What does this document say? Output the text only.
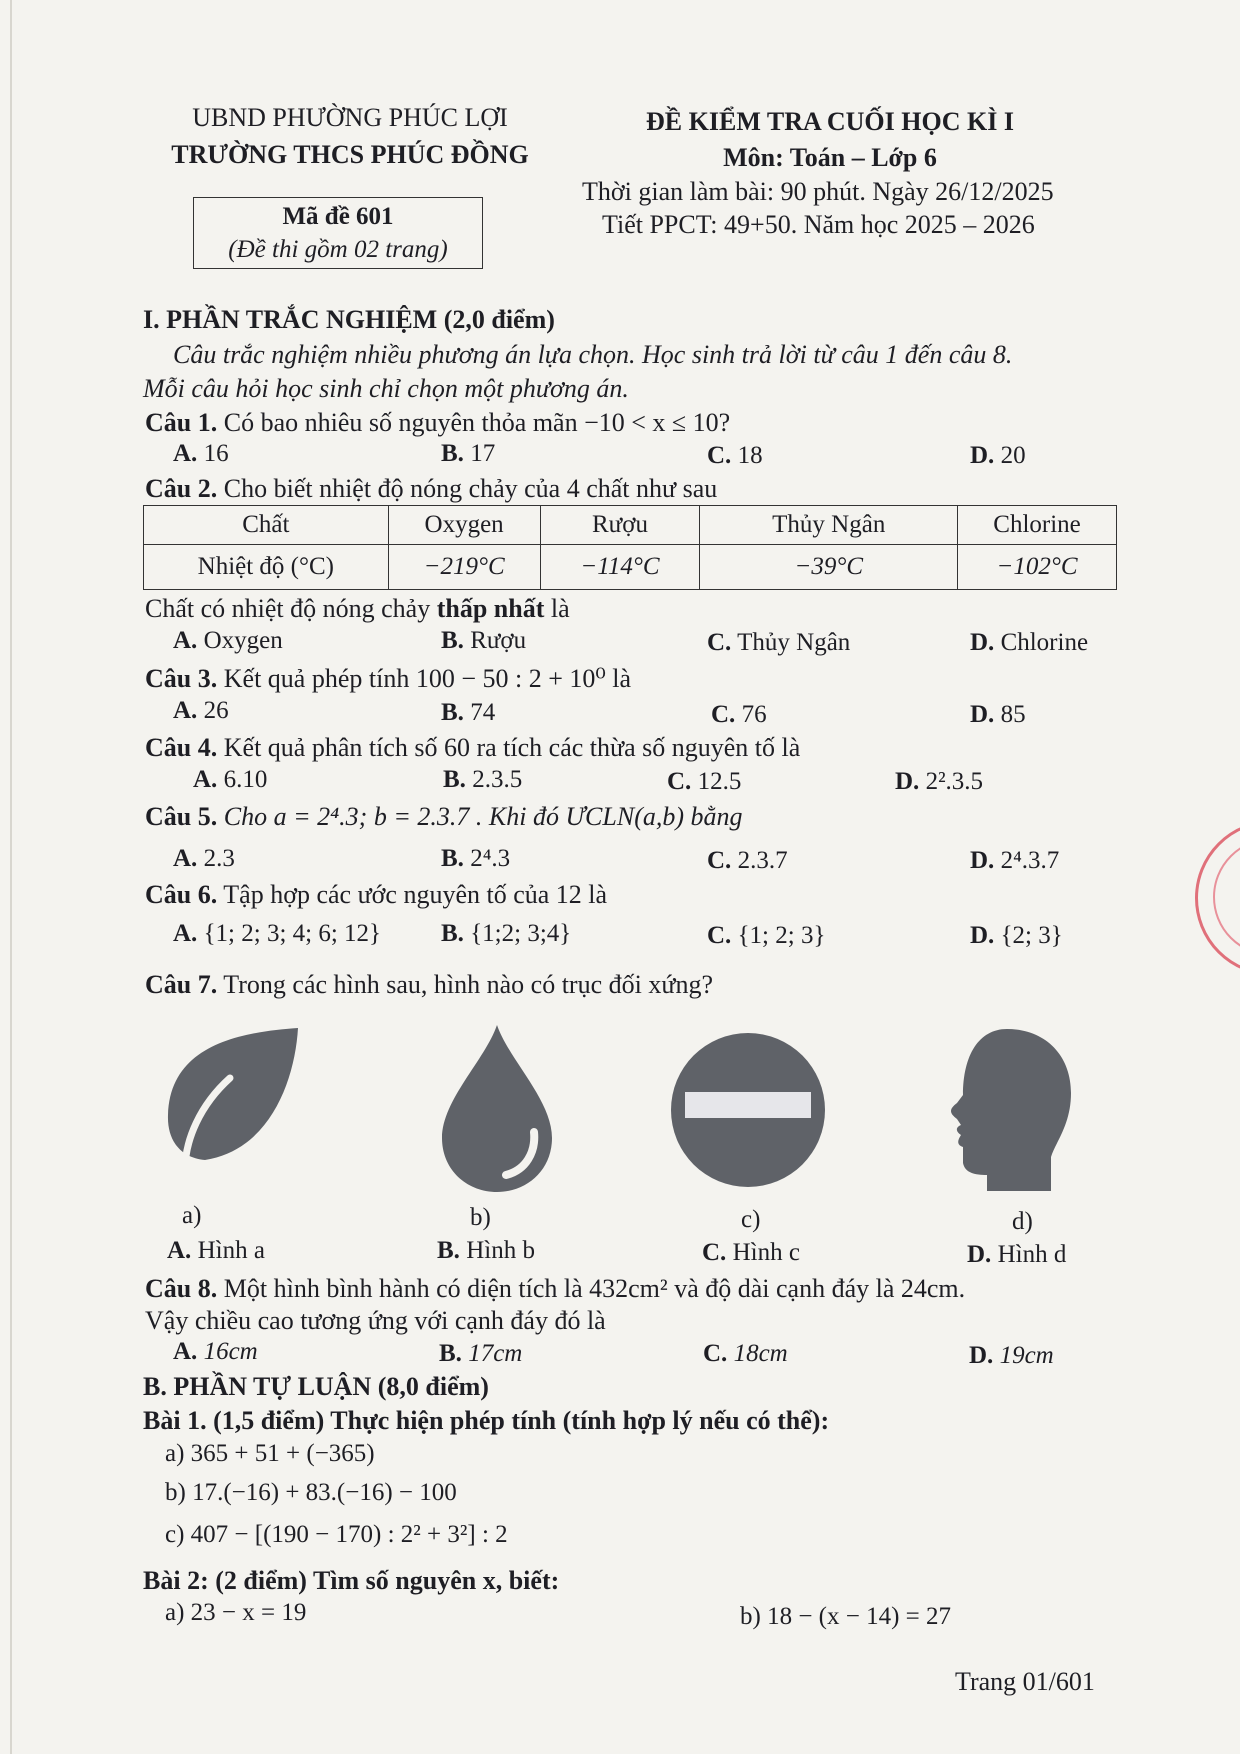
UBND PHƯỜNG PHÚC LỢI
TRƯỜNG THCS PHÚC ĐỒNG
Mã đề 601
(Đề thi gồm 02 trang)
ĐỀ KIỂM TRA CUỐI HỌC KÌ I
Môn: Toán – Lớp 6
Thời gian làm bài: 90 phút. Ngày 26/12/2025
Tiết PPCT: 49+50. Năm học 2025 – 2026
I. PHẦN TRẮC NGHIỆM (2,0 điểm)
Câu trắc nghiệm nhiều phương án lựa chọn. Học sinh trả lời từ câu 1 đến câu 8.
Mỗi câu hỏi học sinh chỉ chọn một phương án.
Câu 1. Có bao nhiêu số nguyên thỏa mãn −10 < x ≤ 10?
A. 16	B. 17	C. 18	D. 20
Câu 2. Cho biết nhiệt độ nóng chảy của 4 chất như sau
Chất	Oxygen	Rượu	Thủy Ngân	Chlorine
Nhiệt độ (°C)	−219°C	−114°C	−39°C	−102°C
Chất có nhiệt độ nóng chảy thấp nhất là
A. Oxygen	B. Rượu	C. Thủy Ngân	D. Chlorine
Câu 3. Kết quả phép tính 100 − 50 : 2 + 10⁰ là
A. 26	B. 74	C. 76	D. 85
Câu 4. Kết quả phân tích số 60 ra tích các thừa số nguyên tố là
A. 6.10	B. 2.3.5	C. 12.5	D. 2².3.5
Câu 5. Cho a = 2⁴.3; b = 2.3.7 . Khi đó ƯCLN(a,b) bằng
A. 2.3	B. 2⁴.3	C. 2.3.7	D. 2⁴.3.7
Câu 6. Tập hợp các ước nguyên tố của 12 là
A. {1; 2; 3; 4; 6; 12} B. {1;2; 3;4}	C. {1; 2; 3}	D. {2; 3}
Câu 7. Trong các hình sau, hình nào có trục đối xứng?
a)	b)	c)	d)
A. Hình a	B. Hình b	C. Hình c	D. Hình d
Câu 8. Một hình bình hành có diện tích là 432cm² và độ dài cạnh đáy là 24cm.
Vậy chiều cao tương ứng với cạnh đáy đó là
A. 16cm	B. 17cm	C. 18cm	D. 19cm
B. PHẦN TỰ LUẬN (8,0 điểm)
Bài 1. (1,5 điểm) Thực hiện phép tính (tính hợp lý nếu có thể):
a) 365 + 51 + (−365)
b) 17.(−16) + 83.(−16) − 100
c) 407 − [(190 − 170) : 2² + 3²] : 2
Bài 2: (2 điểm) Tìm số nguyên x, biết:
a) 23 − x = 19	b) 18 − (x − 14) = 27
Trang 01/601
